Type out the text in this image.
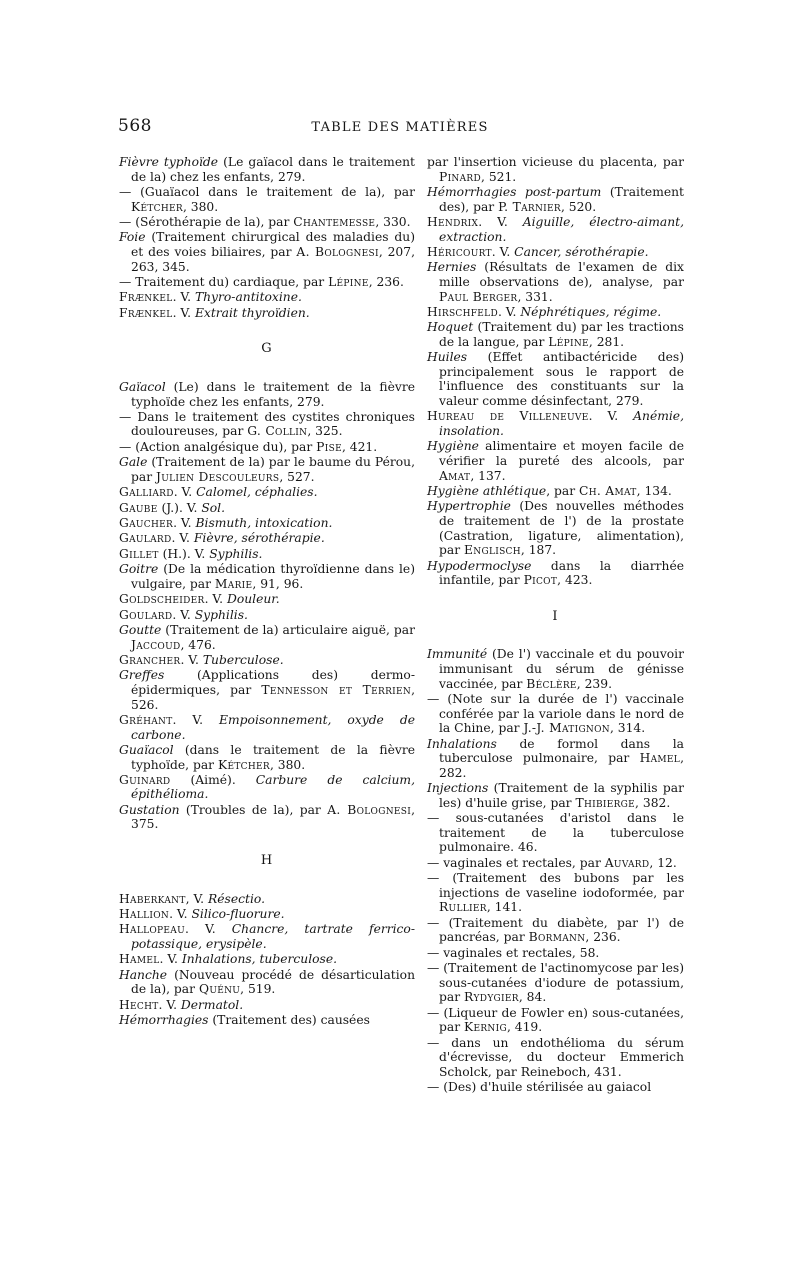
568	TABLE DES MATIÈRES
Fièvre typhoïde (Le gaïacol dans le traitement de la) chez les enfants, 279.
— (Guaïacol dans le traitement de la), par Kétcher, 380.
— (Sérothérapie de la), par Chantemesse, 330.
Foie (Traitement chirurgical des maladies du) et des voies biliaires, par A. Bolognesi, 207, 263, 345.
— Traitement du) cardiaque, par Lépine, 236.
Frænkel. V. Thyro-antitoxine.
Frænkel. V. Extrait thyroïdien.
G
Gaïacol (Le) dans le traitement de la fièvre typhoïde chez les enfants, 279.
— Dans le traitement des cystites chroniques douloureuses, par G. Collin, 325.
— (Action analgésique du), par Pise, 421.
Gale (Traitement de la) par le baume du Pérou, par Julien Descouleurs, 527.
Galliard. V. Calomel, céphalies.
Gaube (J.). V. Sol.
Gaucher. V. Bismuth, intoxication.
Gaulard. V. Fièvre, sérothérapie.
Gillet (H.). V. Syphilis.
Goitre (De la médication thyroïdienne dans le) vulgaire, par Marie, 91, 96.
Goldscheider. V. Douleur.
Goulard. V. Syphilis.
Goutte (Traitement de la) articulaire aiguë, par Jaccoud, 476.
Grancher. V. Tuberculose.
Greffes (Applications des) dermo-épidermiques, par Tennesson et Terrien, 526.
Gréhant. V. Empoisonnement, oxyde de carbone.
Guaïacol (dans le traitement de la fièvre typhoïde, par Kétcher, 380.
Guinard (Aimé). Carbure de calcium, épithélioma.
Gustation (Troubles de la), par A. Bolognesi, 375.
H
Haberkant, V. Résectio.
Hallion. V. Silico-fluorure.
Hallopeau. V. Chancre, tartrate ferrico-potassique, erysipèle.
Hamel. V. Inhalations, tuberculose.
Hanche (Nouveau procédé de désarticulation de la), par Quénu, 519.
Hecht. V. Dermatol.
Hémorrhagies (Traitement des) causées
par l'insertion vicieuse du placenta, par Pinard, 521.
Hémorrhagies post-partum (Traitement des), par P. Tarnier, 520.
Hendrix. V. Aiguille, électro-aimant, extraction.
Héricourt. V. Cancer, sérothérapie.
Hernies (Résultats de l'examen de dix mille observations de), analyse, par Paul Berger, 331.
Hirschfeld. V. Néphrétiques, régime.
Hoquet (Traitement du) par les tractions de la langue, par Lépine, 281.
Huiles (Effet antibactéricide des) principalement sous le rapport de l'influence des constituants sur la valeur comme désinfectant, 279.
Hureau de Villeneuve. V. Anémie, insolation.
Hygiène alimentaire et moyen facile de vérifier la pureté des alcools, par Amat, 137.
Hygiène athlétique, par Ch. Amat, 134.
Hypertrophie (Des nouvelles méthodes de traitement de l') de la prostate (Castration, ligature, alimentation), par Englisch, 187.
Hypodermoclyse dans la diarrhée infantile, par Picot, 423.
I
Immunité (De l') vaccinale et du pouvoir immunisant du sérum de génisse vaccinée, par Béclère, 239.
— (Note sur la durée de l') vaccinale conférée par la variole dans le nord de la Chine, par J.-J. Matignon, 314.
Inhalations de formol dans la tuberculose pulmonaire, par Hamel, 282.
Injections (Traitement de la syphilis par les) d'huile grise, par Thibierge, 382.
— sous-cutanées d'aristol dans le traitement de la tuberculose pulmonaire. 46.
— vaginales et rectales, par Auvard, 12.
— (Traitement des bubons par les injections de vaseline iodoformée, par Rullier, 141.
— (Traitement du diabète, par l') de pancréas, par Bormann, 236.
— vaginales et rectales, 58.
— (Traitement de l'actinomycose par les) sous-cutanées d'iodure de potassium, par Rydygier, 84.
— (Liqueur de Fowler en) sous-cutanées, par Kernig, 419.
— dans un endothélioma du sérum d'écrevisse, du docteur Emmerich Scholck, par Reineboch, 431.
— (Des) d'huile stérilisée au gaiacol
